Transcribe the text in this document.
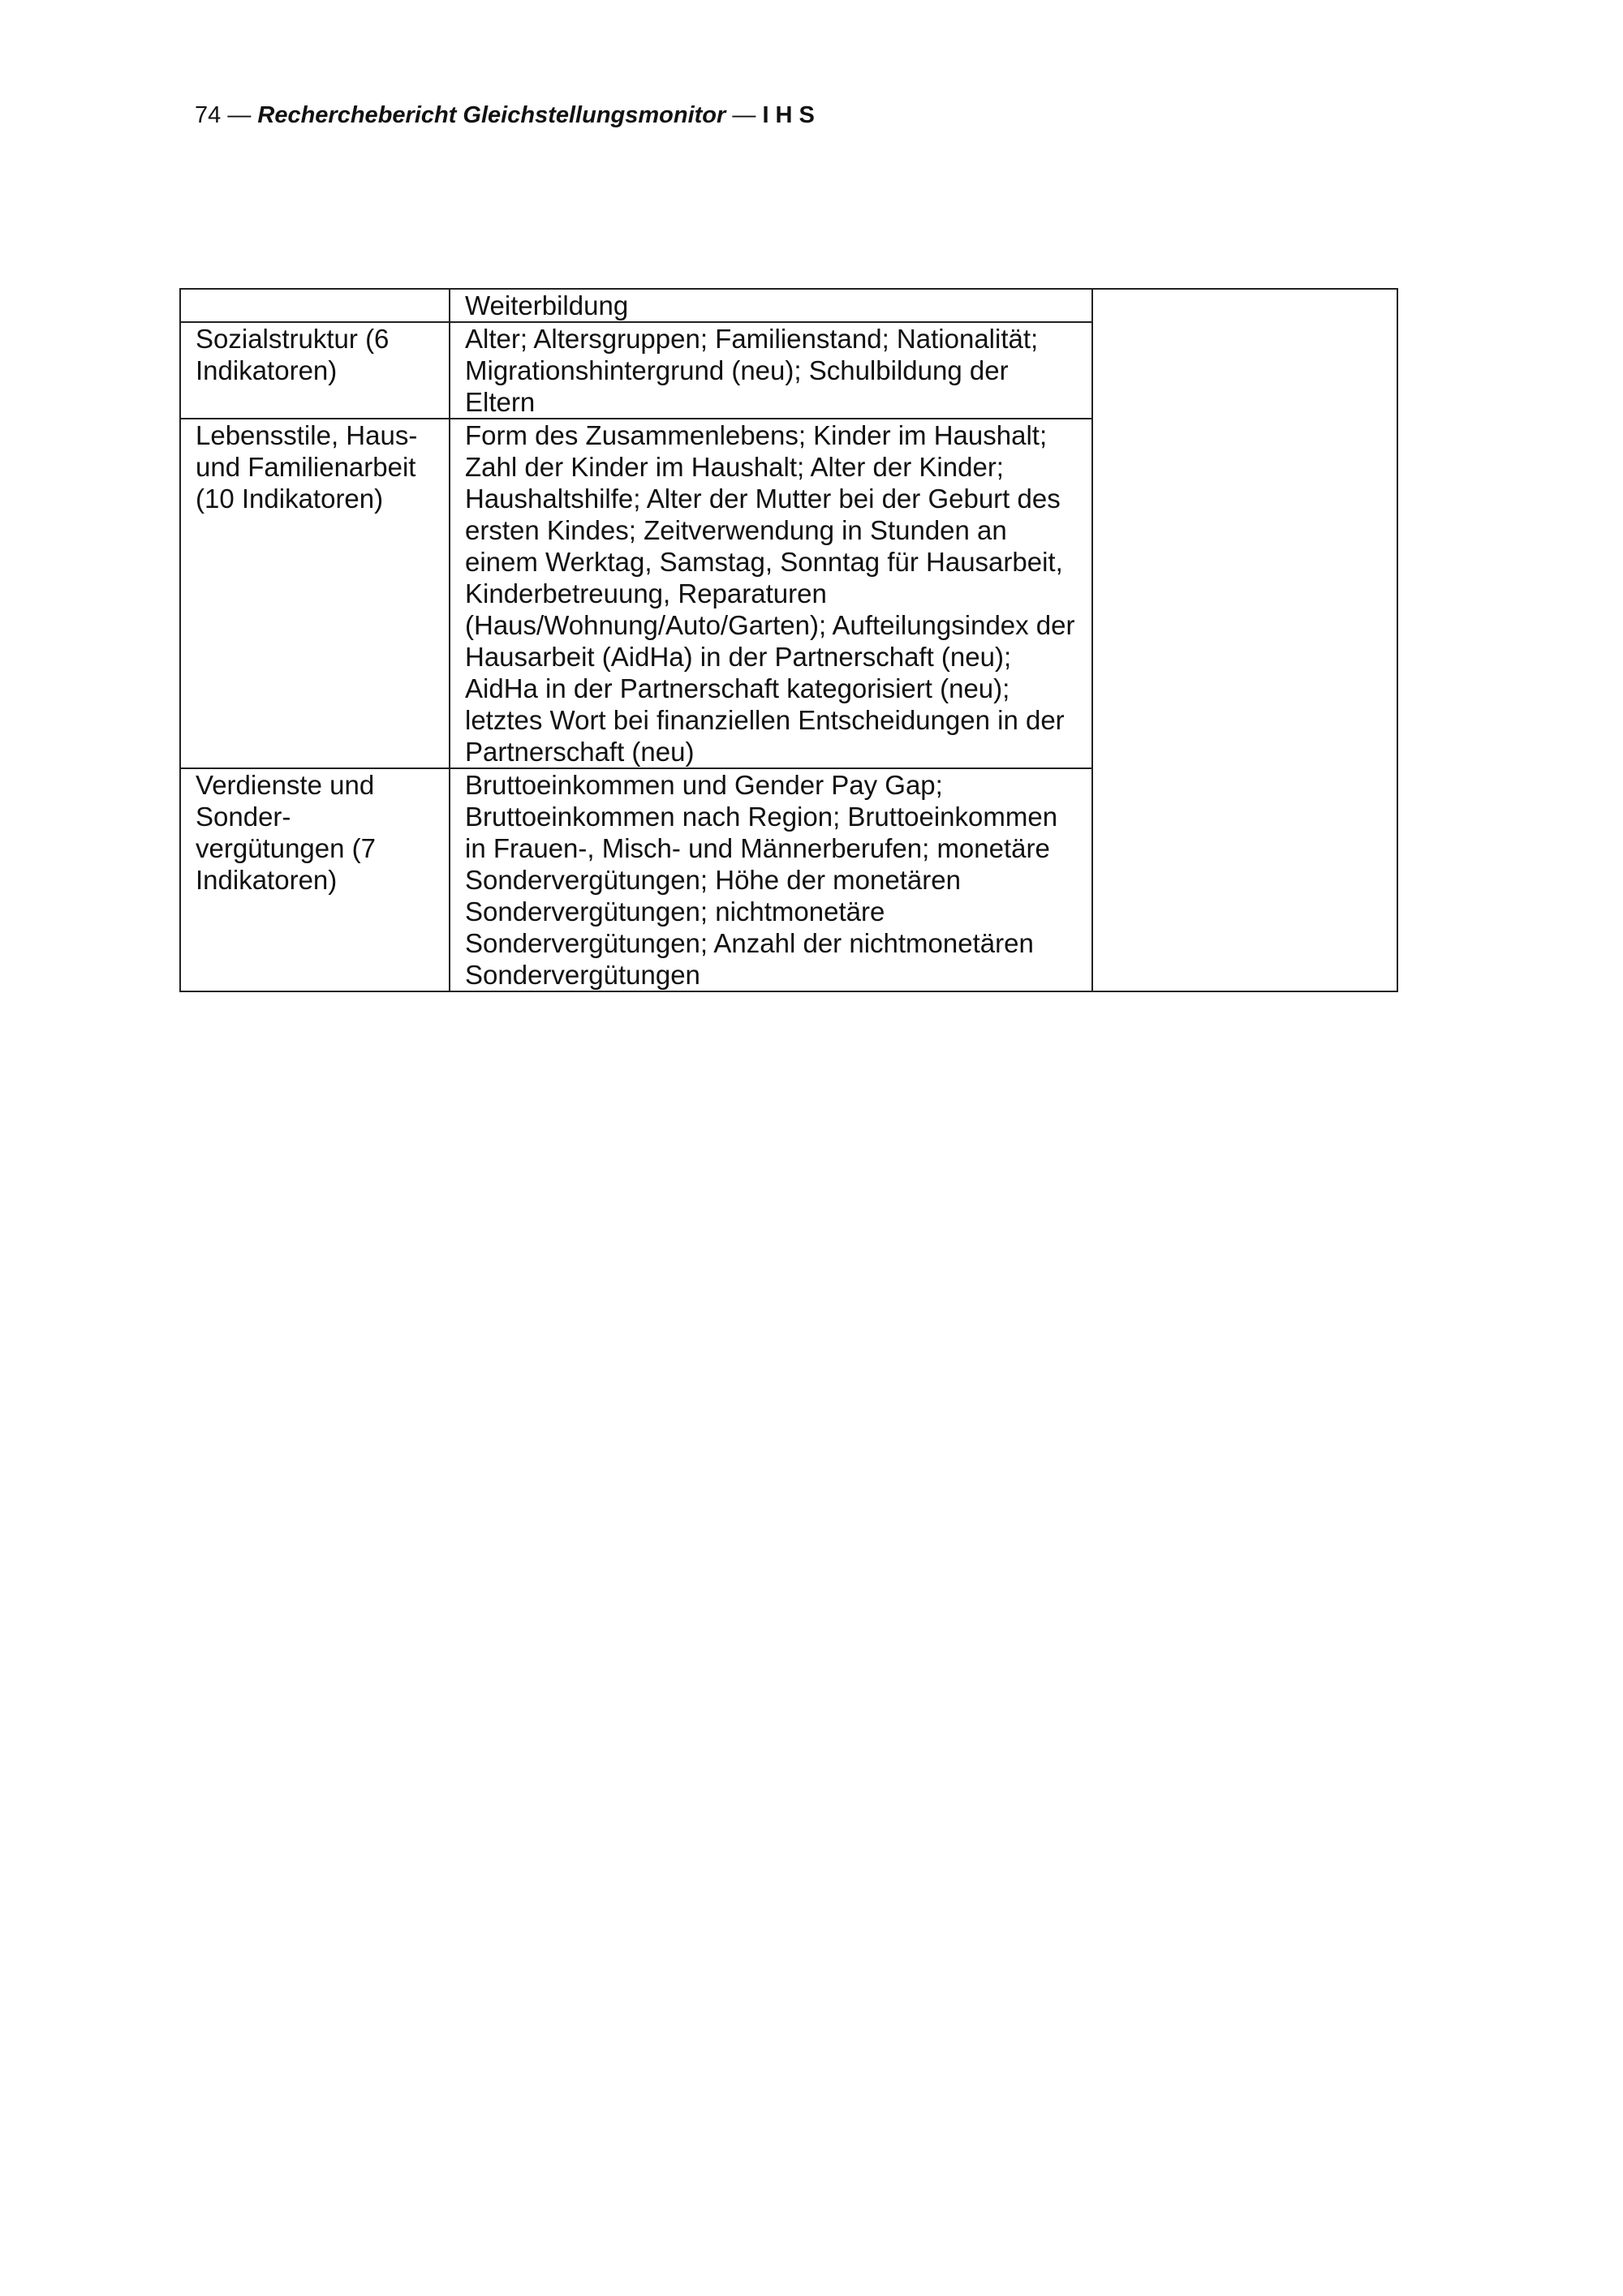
74 — Recherchebericht Gleichstellungsmonitor — I H S
	Weiterbildung	
Sozialstruktur (6 Indikatoren)	Alter; Altersgruppen; Familienstand; Nationalität; Migrationshintergrund (neu); Schulbildung der Eltern	
Lebensstile, Haus- und Familienarbeit (10 Indikatoren)	Form des Zusammenlebens; Kinder im Haushalt; Zahl der Kinder im Haushalt; Alter der Kinder; Haushaltshilfe; Alter der Mutter bei der Geburt des ersten Kindes; Zeitverwendung in Stunden an einem Werktag, Samstag, Sonntag für Hausarbeit, Kinderbetreuung, Reparaturen (Haus/Wohnung/Auto/Garten); Aufteilungsindex der Hausarbeit (AidHa) in der Partnerschaft (neu); AidHa in der Partnerschaft kategorisiert (neu); letztes Wort bei finanziellen Entscheidungen in der Partnerschaft (neu)	
Verdienste und Sonder- vergütungen (7 Indikatoren)	Bruttoeinkommen und Gender Pay Gap; Bruttoeinkommen nach Region; Bruttoeinkommen in Frauen-, Misch- und Männerberufen; monetäre Sondervergütungen; Höhe der monetären Sondervergütungen; nichtmonetäre Sondervergütungen; Anzahl der nichtmonetären Sondervergütungen	
